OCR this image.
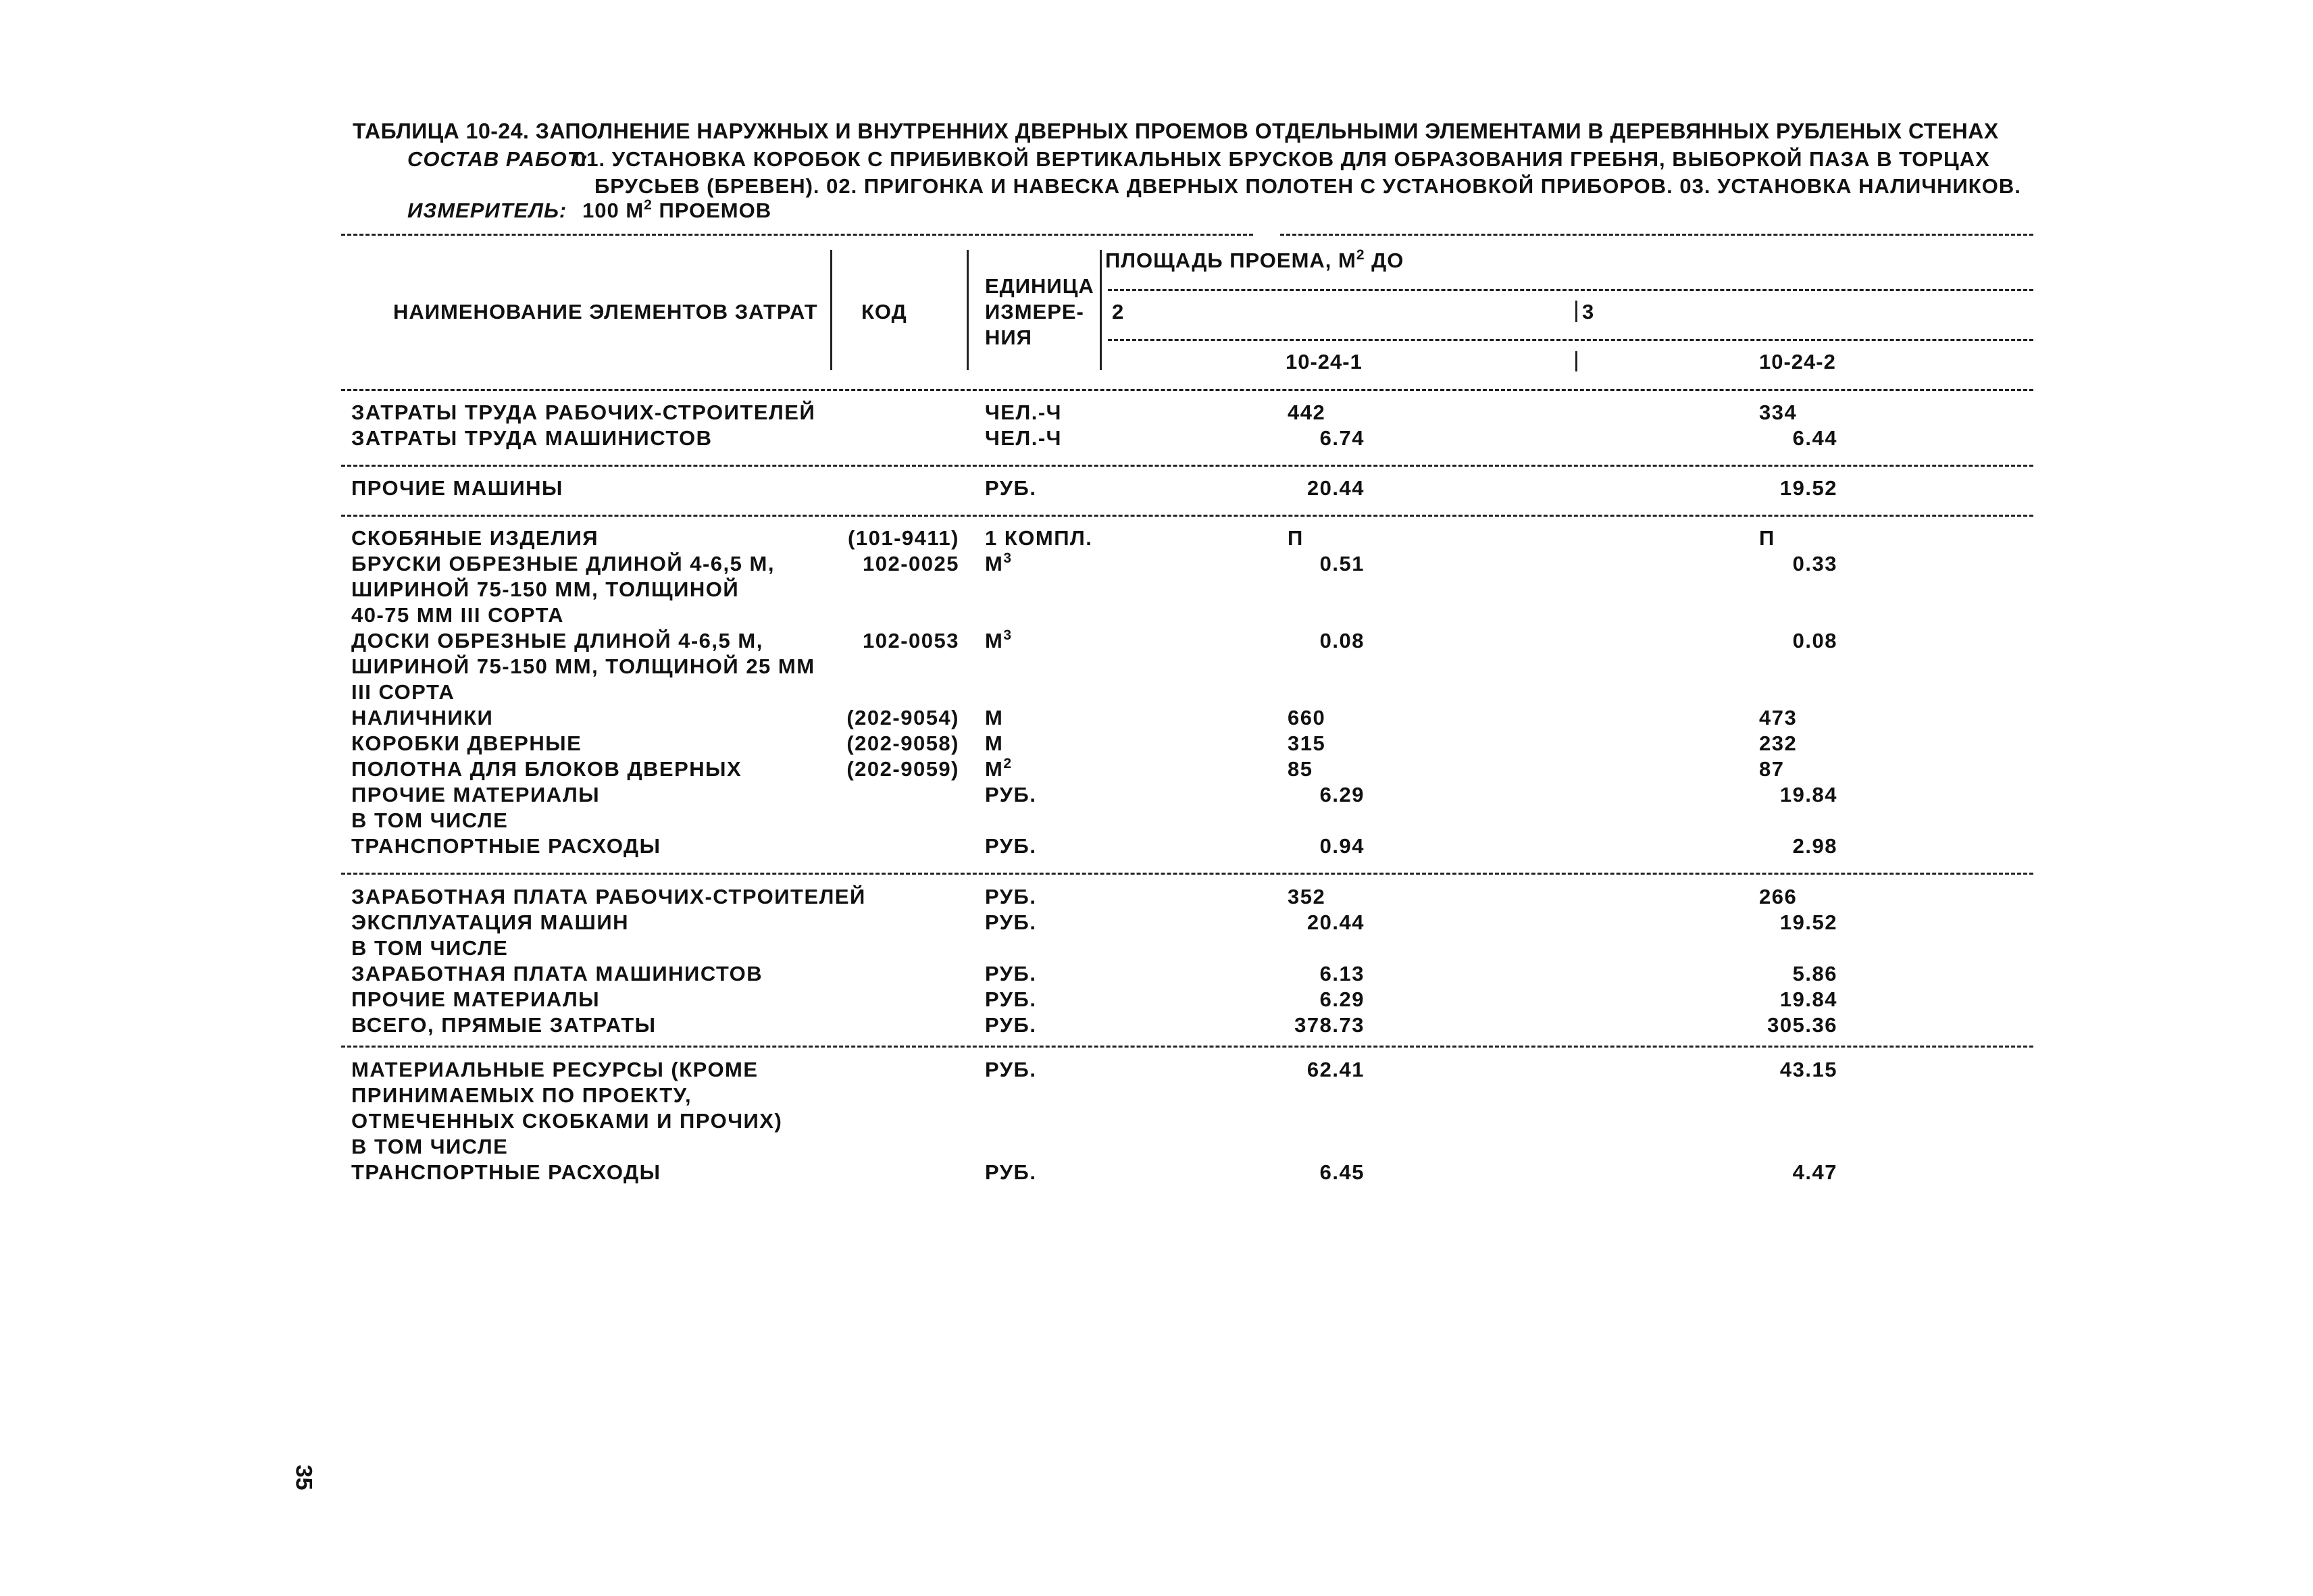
ТАБЛИЦА 10-24. ЗАПОЛНЕНИЕ НАРУЖНЫХ И ВНУТРЕННИХ ДВЕРНЫХ ПРОЕМОВ ОТДЕЛЬНЫМИ ЭЛЕМЕНТАМИ В ДЕРЕВЯННЫХ РУБЛЕНЫХ СТЕНАХ
СОСТАВ РАБОТ:
01. УСТАНОВКА КОРОБОК С ПРИБИВКОЙ ВЕРТИКАЛЬНЫХ БРУСКОВ ДЛЯ ОБРАЗОВАНИЯ ГРЕБНЯ, ВЫБОРКОЙ ПАЗА В ТОРЦАХ
БРУСЬЕВ (БРЕВЕН). 02. ПРИГОНКА И НАВЕСКА ДВЕРНЫХ ПОЛОТЕН С УСТАНОВКОЙ ПРИБОРОВ. 03. УСТАНОВКА НАЛИЧНИКОВ.
ИЗМЕРИТЕЛЬ: 100 $М^2$ ПРОЕМОВ
НАИМЕНОВАНИЕ ЭЛЕМЕНТОВ ЗАТРАТ КОД
ЕДИНИЦА
ИЗМЕРЕ-
НИЯ
ПЛОЩАДЬ ПРОЕМА, $М^2$ ДО
2	3
10-24-1	10-24-2
ЗАТРАТЫ ТРУДА РАБОЧИХ-СТРОИТЕЛЕЙ	ЧЕЛ.-Ч	442	334
ЗАТРАТЫ ТРУДА МАШИНИСТОВ	ЧЕЛ.-Ч	6.74	6.44
ПРОЧИЕ МАШИНЫ	РУБ.	20.44	19.52
СКОБЯНЫЕ ИЗДЕЛИЯ	(101-9411) 1 КОМПЛ.	П	П
БРУСКИ ОБРЕЗНЫЕ ДЛИНОЙ 4-6,5 М,	102-0025 $М^3$	0.51	0.33
ШИРИНОЙ 75-150 ММ, ТОЛЩИНОЙ
40-75 ММ III СОРТА
ДОСКИ ОБРЕЗНЫЕ ДЛИНОЙ 4-6,5 М,	102-0053 $М^3$	0.08	0.08
ШИРИНОЙ 75-150 ММ, ТОЛЩИНОЙ 25 ММ
III СОРТА
НАЛИЧНИКИ	(202-9054) М	660	473
КОРОБКИ ДВЕРНЫЕ	(202-9058) М	315	232
ПОЛОТНА ДЛЯ БЛОКОВ ДВЕРНЫХ	(202-9059) $М^2$	85	87
ПРОЧИЕ МАТЕРИАЛЫ	РУБ.	6.29	19.84
В ТОМ ЧИСЛЕ
ТРАНСПОРТНЫЕ РАСХОДЫ	РУБ.	0.94	2.98
ЗАРАБОТНАЯ ПЛАТА РАБОЧИХ-СТРОИТЕЛЕЙ	РУБ.	352	266
ЭКСПЛУАТАЦИЯ МАШИН	РУБ.	20.44	19.52
В ТОМ ЧИСЛЕ
ЗАРАБОТНАЯ ПЛАТА МАШИНИСТОВ	РУБ.	6.13	5.86
ПРОЧИЕ МАТЕРИАЛЫ	РУБ.	6.29	19.84
ВСЕГО, ПРЯМЫЕ ЗАТРАТЫ	РУБ.	378.73	305.36
МАТЕРИАЛЬНЫЕ РЕСУРСЫ (КРОМЕ	РУБ.	62.41	43.15
ПРИНИМАЕМЫХ ПО ПРОЕКТУ,
ОТМЕЧЕННЫХ СКОБКАМИ И ПРОЧИХ)
В ТОМ ЧИСЛЕ
ТРАНСПОРТНЫЕ РАСХОДЫ	РУБ.	6.45	4.47
35
